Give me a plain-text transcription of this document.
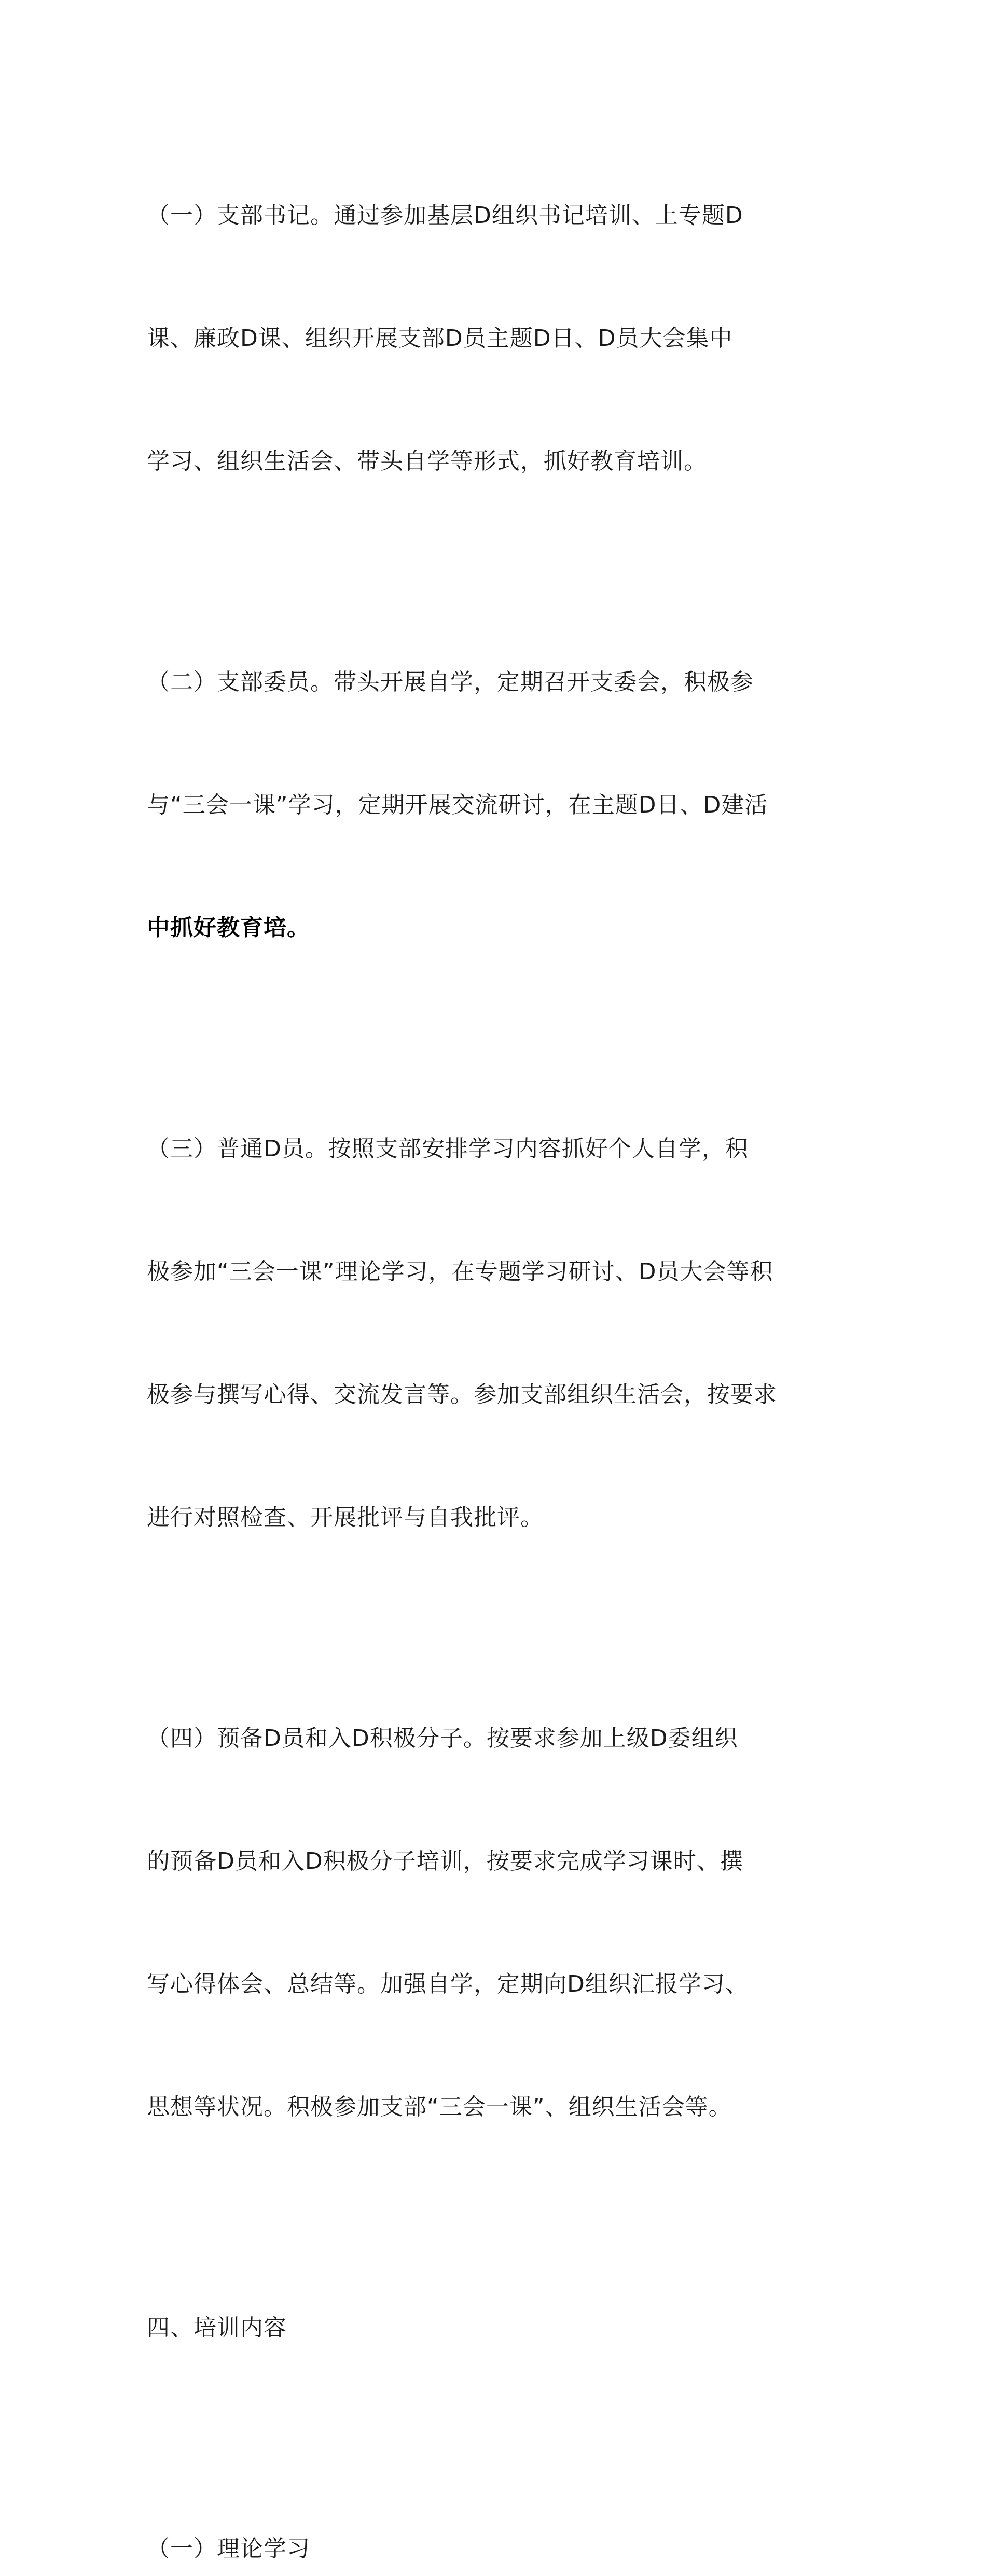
（一）支部书记。通过参加基层D组织书记培训、上专题D

课、廉政D课、组织开展支部D员主题D日、D员大会集中

学习、组织生活会、带头自学等形式，抓好教育培训。

（二）支部委员。带头开展自学，定期召开支委会，积极参

与“三会一课”学习，定期开展交流研讨，在主题D日、D建活

中抓好教育培。

（三）普通D员。按照支部安排学习内容抓好个人自学，积

极参加“三会一课”理论学习，在专题学习研讨、D员大会等积

极参与撰写心得、交流发言等。参加支部组织生活会，按要求

进行对照检查、开展批评与自我批评。

（四）预备D员和入D积极分子。按要求参加上级D委组织

的预备D员和入D积极分子培训，按要求完成学习课时、撰

写心得体会、总结等。加强自学，定期向D组织汇报学习、

思想等状况。积极参加支部“三会一课”、组织生活会等。

四、培训内容

（一）理论学习
